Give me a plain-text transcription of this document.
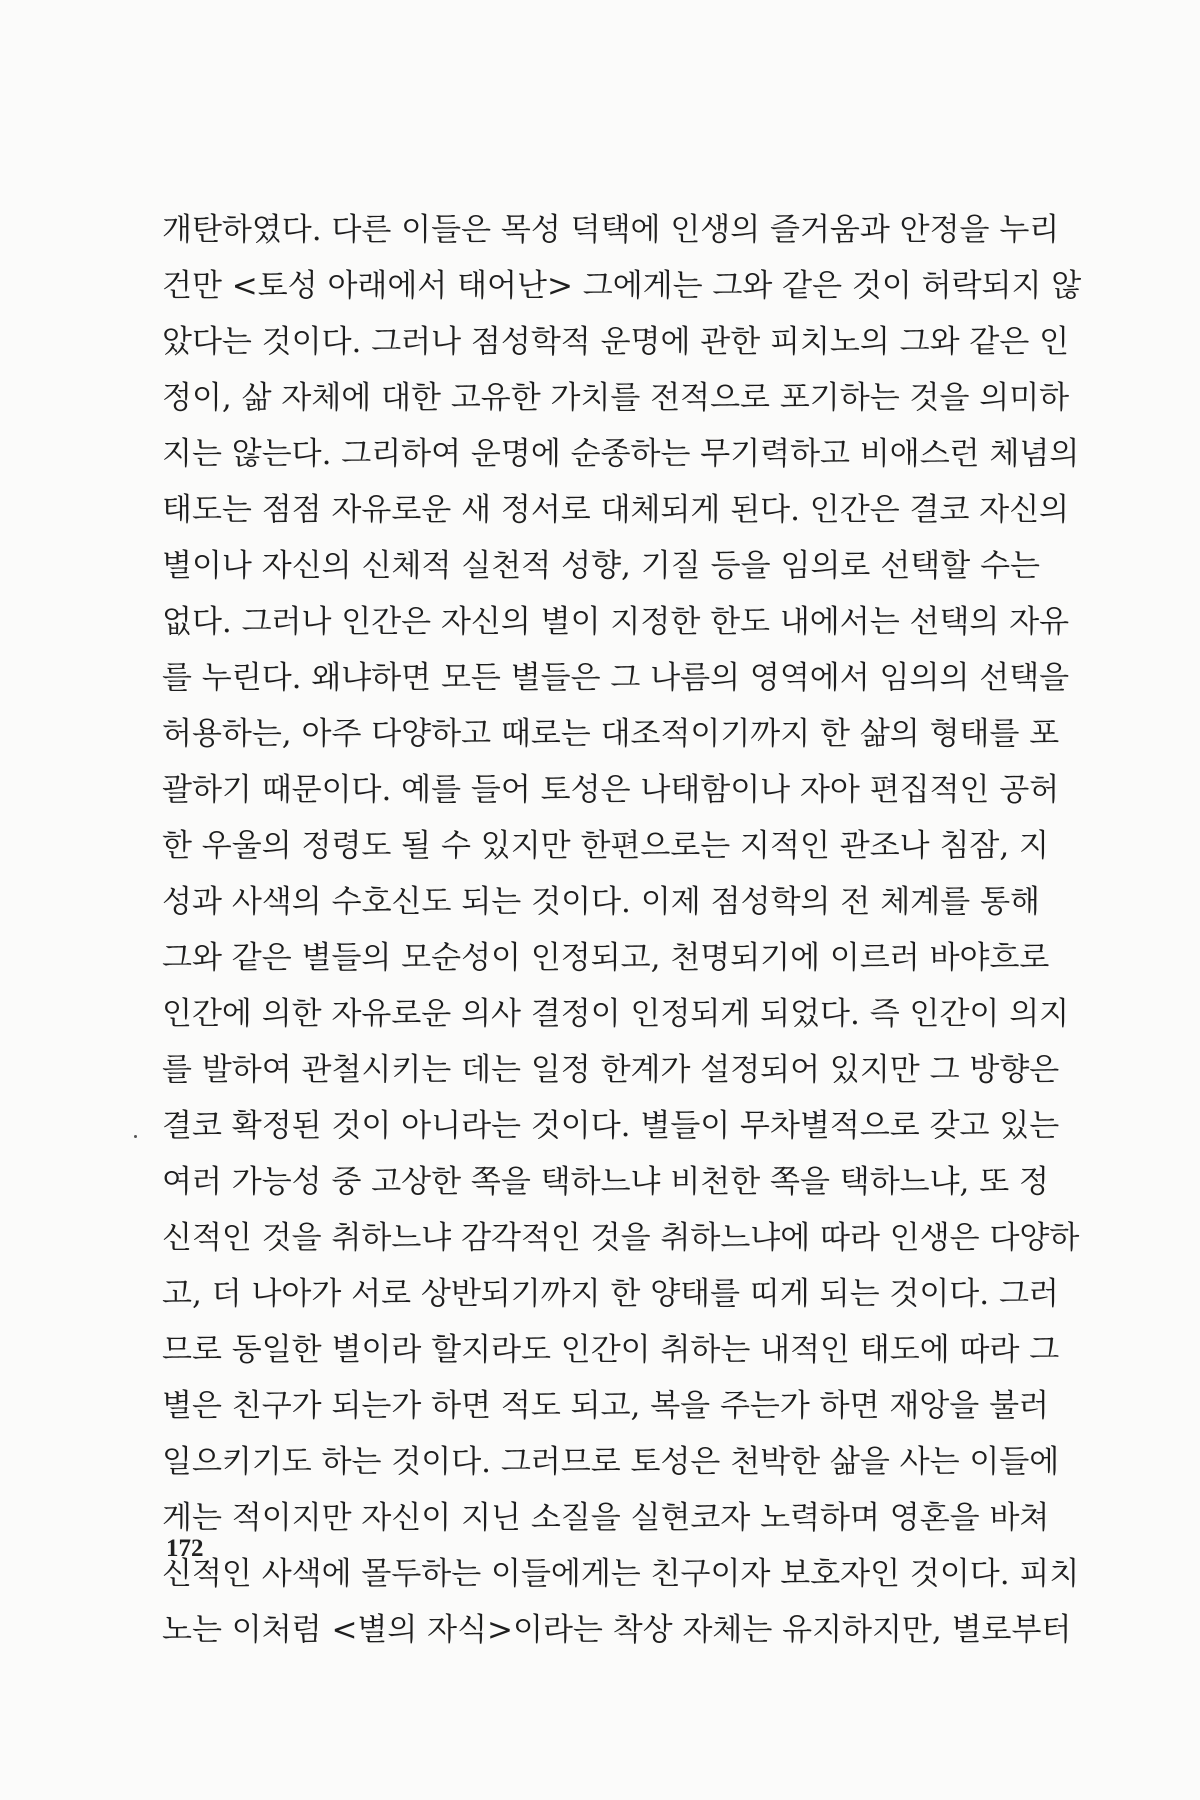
개탄하였다. 다른 이들은 목성 덕택에 인생의 즐거움과 안정을 누리
건만 <토성 아래에서 태어난> 그에게는 그와 같은 것이 허락되지 않
았다는 것이다. 그러나 점성학적 운명에 관한 피치노의 그와 같은 인
정이, 삶 자체에 대한 고유한 가치를 전적으로 포기하는 것을 의미하
지는 않는다. 그리하여 운명에 순종하는 무기력하고 비애스런 체념의
태도는 점점 자유로운 새 정서로 대체되게 된다. 인간은 결코 자신의
별이나 자신의 신체적 실천적 성향, 기질 등을 임의로 선택할 수는
없다. 그러나 인간은 자신의 별이 지정한 한도 내에서는 선택의 자유
를 누린다. 왜냐하면 모든 별들은 그 나름의 영역에서 임의의 선택을
허용하는, 아주 다양하고 때로는 대조적이기까지 한 삶의 형태를 포
괄하기 때문이다. 예를 들어 토성은 나태함이나 자아 편집적인 공허
한 우울의 정령도 될 수 있지만 한편으로는 지적인 관조나 침잠, 지
성과 사색의 수호신도 되는 것이다. 이제 점성학의 전 체계를 통해
그와 같은 별들의 모순성이 인정되고, 천명되기에 이르러 바야흐로
인간에 의한 자유로운 의사 결정이 인정되게 되었다. 즉 인간이 의지
를 발하여 관철시키는 데는 일정 한계가 설정되어 있지만 그 방향은
결코 확정된 것이 아니라는 것이다. 별들이 무차별적으로 갖고 있는
여러 가능성 중 고상한 쪽을 택하느냐 비천한 쪽을 택하느냐, 또 정
신적인 것을 취하느냐 감각적인 것을 취하느냐에 따라 인생은 다양하
고, 더 나아가 서로 상반되기까지 한 양태를 띠게 되는 것이다. 그러
므로 동일한 별이라 할지라도 인간이 취하는 내적인 태도에 따라 그
별은 친구가 되는가 하면 적도 되고, 복을 주는가 하면 재앙을 불러
일으키기도 하는 것이다. 그러므로 토성은 천박한 삶을 사는 이들에
게는 적이지만 자신이 지닌 소질을 실현코자 노력하며 영혼을 바쳐
신적인 사색에 몰두하는 이들에게는 친구이자 보호자인 것이다. 피치
노는 이처럼 <별의 자식>이라는 착상 자체는 유지하지만, 별로부터
172
